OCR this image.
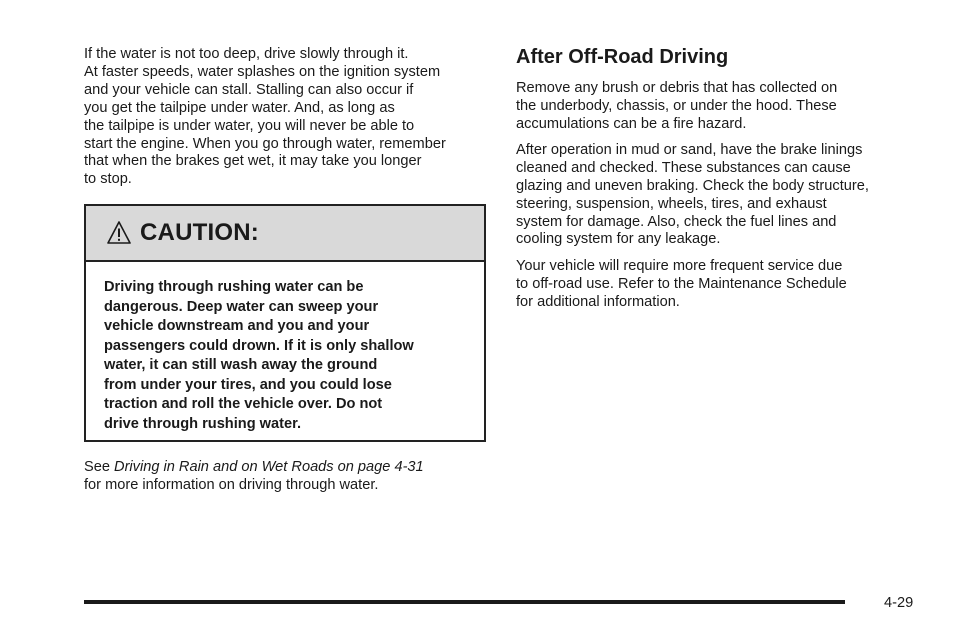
If the water is not too deep, drive slowly through it.
At faster speeds, water splashes on the ignition system
and your vehicle can stall. Stalling can also occur if
you get the tailpipe under water. And, as long as
the tailpipe is under water, you will never be able to
start the engine. When you go through water, remember
that when the brakes get wet, it may take you longer
to stop.
CAUTION:
Driving through rushing water can be
dangerous. Deep water can sweep your
vehicle downstream and you and your
passengers could drown. If it is only shallow
water, it can still wash away the ground
from under your tires, and you could lose
traction and roll the vehicle over. Do not
drive through rushing water.
See Driving in Rain and on Wet Roads on page 4-31
for more information on driving through water.
After Off-Road Driving
Remove any brush or debris that has collected on
the underbody, chassis, or under the hood. These
accumulations can be a fire hazard.
After operation in mud or sand, have the brake linings
cleaned and checked. These substances can cause
glazing and uneven braking. Check the body structure,
steering, suspension, wheels, tires, and exhaust
system for damage. Also, check the fuel lines and
cooling system for any leakage.
Your vehicle will require more frequent service due
to off-road use. Refer to the Maintenance Schedule
for additional information.
4-29
